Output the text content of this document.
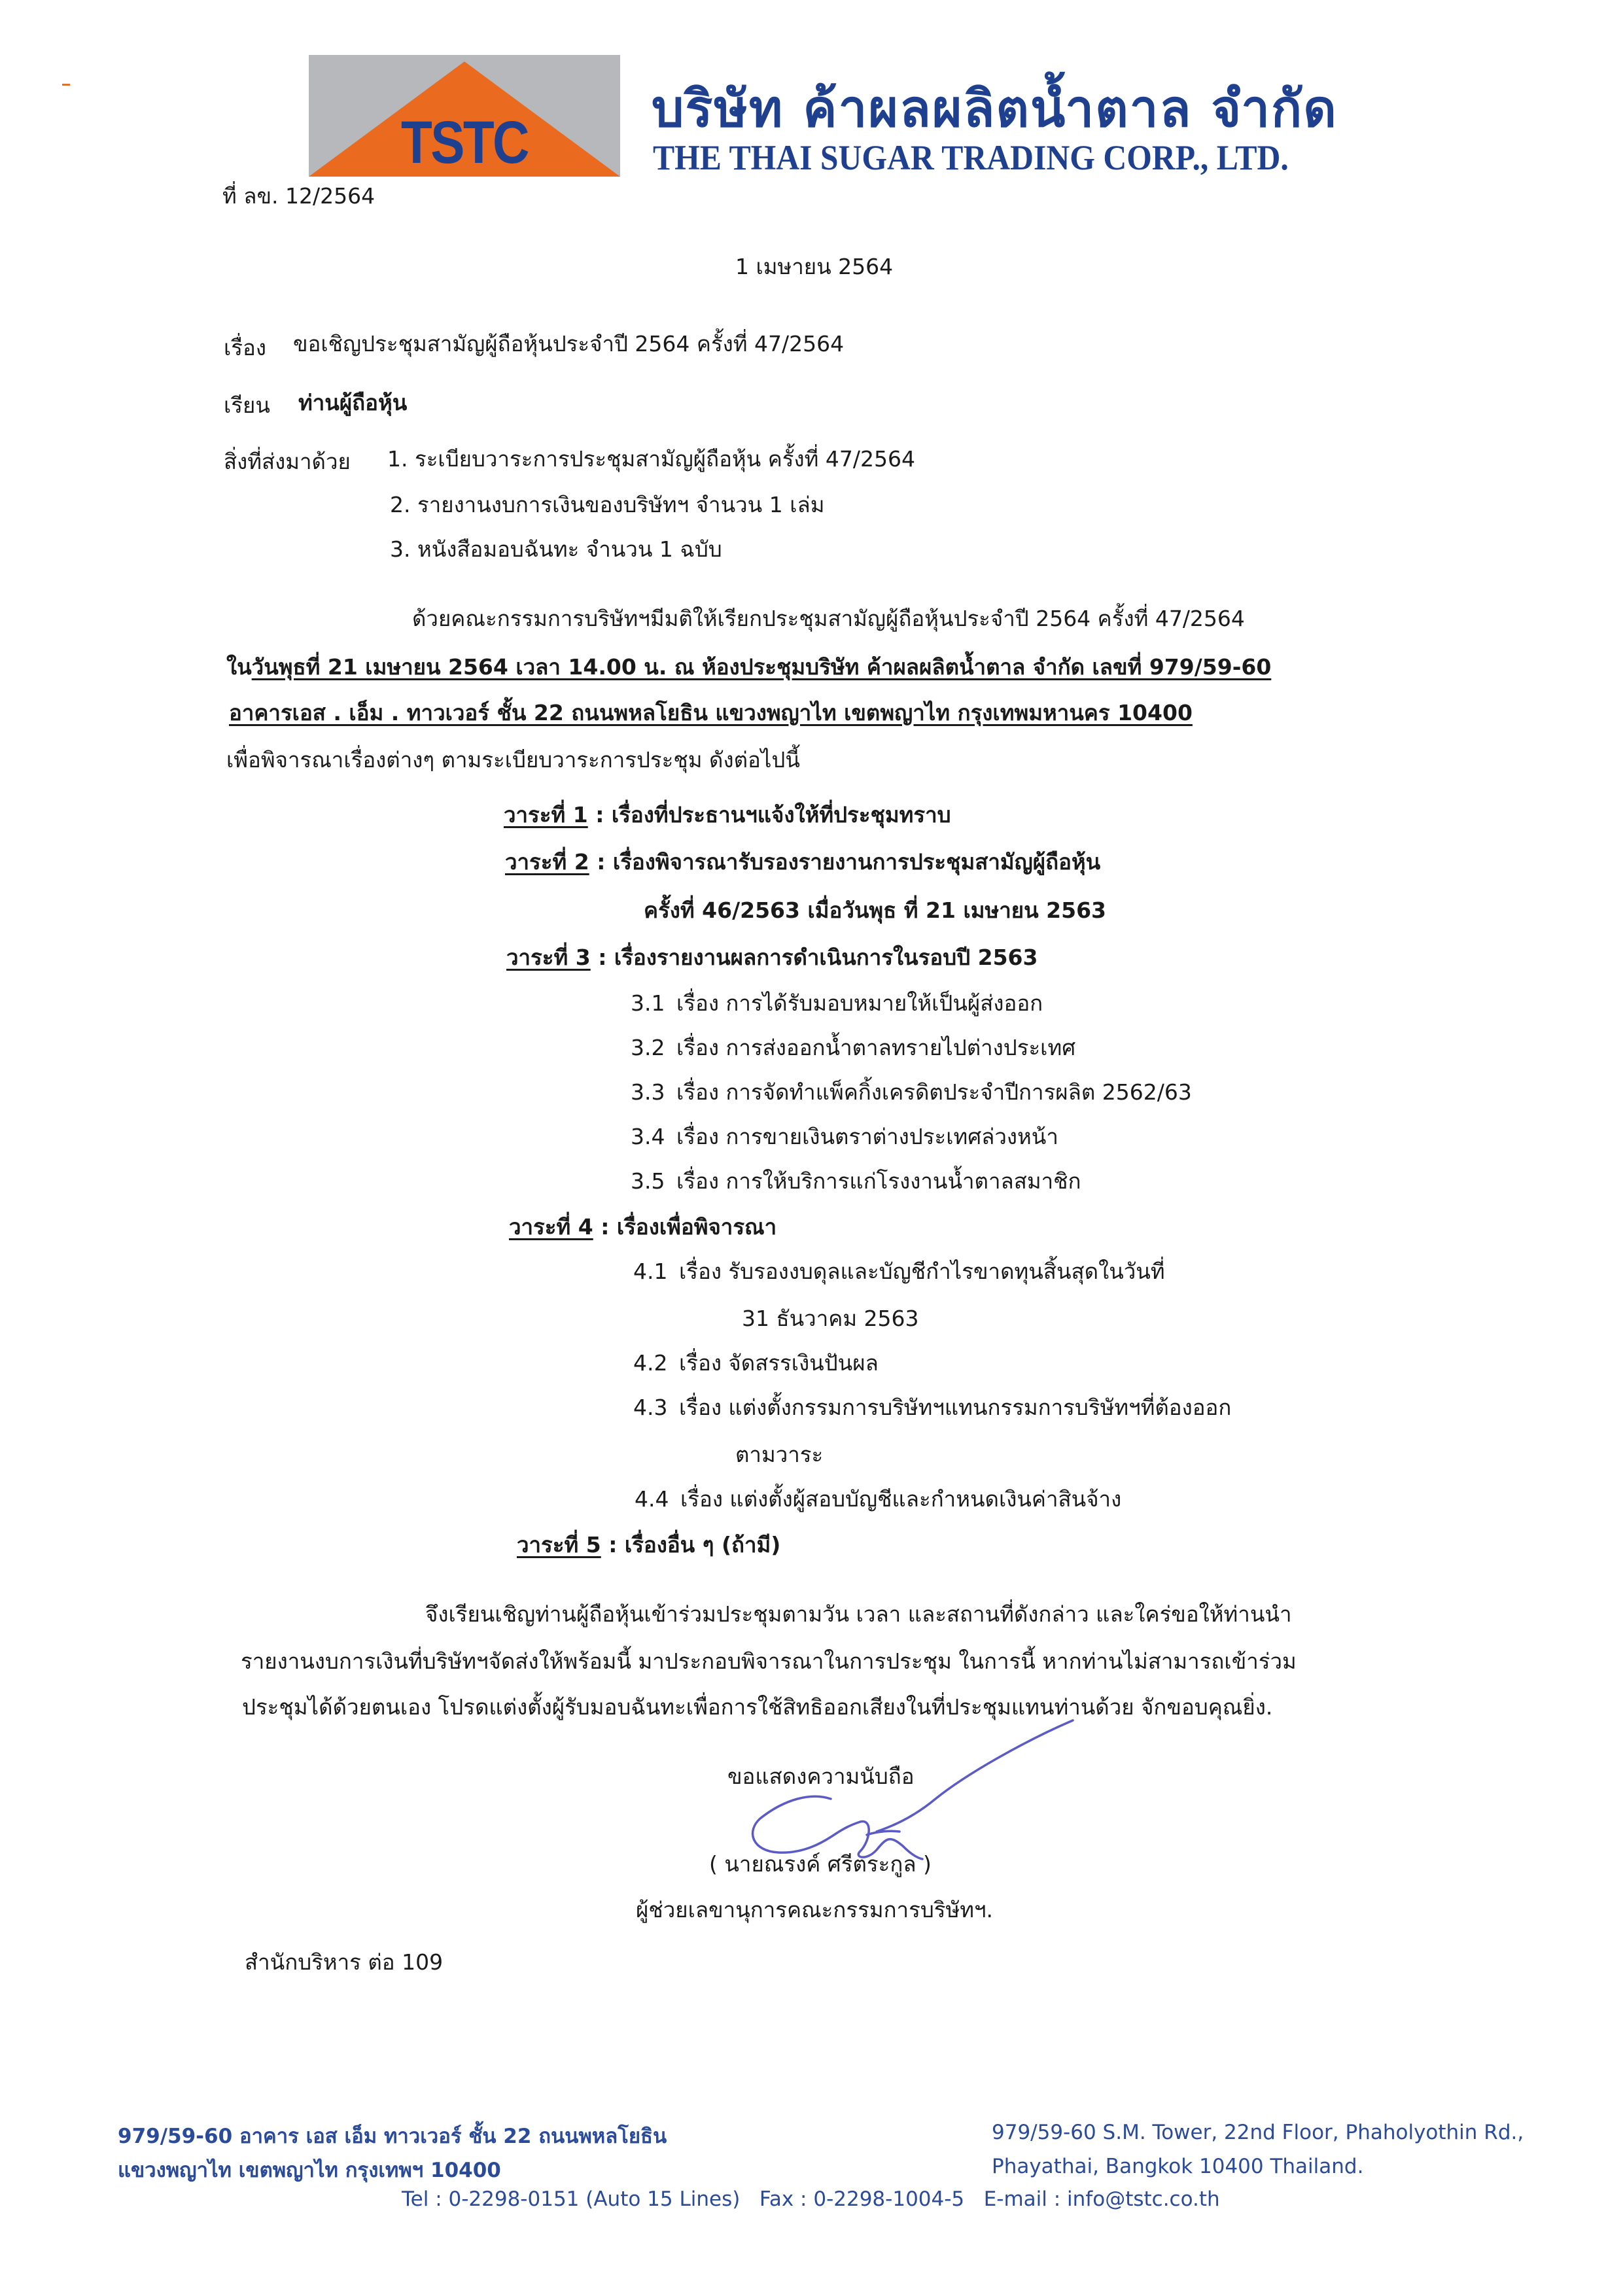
TSTC บริษัท ค้าผลผลิตน้ำตาล จำกัด
THE THAI SUGAR TRADING CORP., LTD.
ที่ ลข. 12/2564
1 เมษายน 2564
เรื่อง ขอเชิญประชุมสามัญผู้ถือหุ้นประจำปี 2564 ครั้งที่ 47/2564
เรียน ท่านผู้ถือหุ้น
สิ่งที่ส่งมาด้วย 1. ระเบียบวาระการประชุมสามัญผู้ถือหุ้น ครั้งที่ 47/2564
2. รายงานงบการเงินของบริษัทฯ จำนวน 1 เล่ม
3. หนังสือมอบฉันทะ จำนวน 1 ฉบับ
ด้วยคณะกรรมการบริษัทฯมีมติให้เรียกประชุมสามัญผู้ถือหุ้นประจำปี 2564 ครั้งที่ 47/2564
ในวันพุธที่ 21 เมษายน 2564 เวลา 14.00 น. ณ ห้องประชุมบริษัท ค้าผลผลิตน้ำตาล จำกัด เลขที่ 979/59-60
อาคารเอส . เอ็ม . ทาวเวอร์ ชั้น 22 ถนนพหลโยธิน แขวงพญาไท เขตพญาไท กรุงเทพมหานคร 10400
เพื่อพิจารณาเรื่องต่างๆ ตามระเบียบวาระการประชุม ดังต่อไปนี้
วาระที่ 1 : เรื่องที่ประธานฯแจ้งให้ที่ประชุมทราบ
วาระที่ 2 : เรื่องพิจารณารับรองรายงานการประชุมสามัญผู้ถือหุ้น
ครั้งที่ 46/2563 เมื่อวันพุธ ที่ 21 เมษายน 2563
วาระที่ 3 : เรื่องรายงานผลการดำเนินการในรอบปี 2563
3.1 เรื่อง การได้รับมอบหมายให้เป็นผู้ส่งออก
3.2 เรื่อง การส่งออกน้ำตาลทรายไปต่างประเทศ
3.3 เรื่อง การจัดทำแพ็คกิ้งเครดิตประจำปีการผลิต 2562/63
3.4 เรื่อง การขายเงินตราต่างประเทศล่วงหน้า
3.5 เรื่อง การให้บริการแก่โรงงานน้ำตาลสมาชิก
วาระที่ 4 : เรื่องเพื่อพิจารณา
4.1 เรื่อง รับรองงบดุลและบัญชีกำไรขาดทุนสิ้นสุดในวันที่
31 ธันวาคม 2563
4.2 เรื่อง จัดสรรเงินปันผล
4.3 เรื่อง แต่งตั้งกรรมการบริษัทฯแทนกรรมการบริษัทฯที่ต้องออก
ตามวาระ
4.4 เรื่อง แต่งตั้งผู้สอบบัญชีและกำหนดเงินค่าสินจ้าง
วาระที่ 5 : เรื่องอื่น ๆ (ถ้ามี)
จึงเรียนเชิญท่านผู้ถือหุ้นเข้าร่วมประชุมตามวัน เวลา และสถานที่ดังกล่าว และใคร่ขอให้ท่านนำ
รายงานงบการเงินที่บริษัทฯจัดส่งให้พร้อมนี้ มาประกอบพิจารณาในการประชุม ในการนี้ หากท่านไม่สามารถเข้าร่วม
ประชุมได้ด้วยตนเอง โปรดแต่งตั้งผู้รับมอบฉันทะเพื่อการใช้สิทธิออกเสียงในที่ประชุมแทนท่านด้วย จักขอบคุณยิ่ง.
ขอแสดงความนับถือ
( นายณรงค์ ศรีตระกูล )
ผู้ช่วยเลขานุการคณะกรรมการบริษัทฯ.
สำนักบริหาร ต่อ 109
979/59-60 อาคาร เอส เอ็ม ทาวเวอร์ ชั้น 22 ถนนพหลโยธิน
แขวงพญาไท เขตพญาไท กรุงเทพฯ 10400
979/59-60 S.M. Tower, 22nd Floor, Phaholyothin Rd.,
Phayathai, Bangkok 10400 Thailand.
Tel : 0-2298-0151 (Auto 15 Lines)   Fax : 0-2298-1004-5   E-mail : info@tstc.co.th
